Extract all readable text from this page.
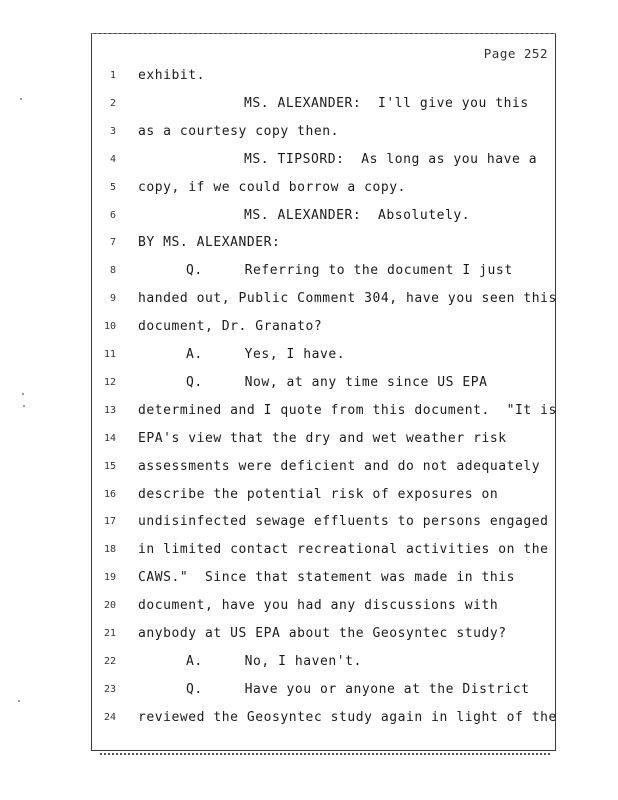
Page 252
1 exhibit.
2	MS. ALEXANDER:  I'll give you this
3 as a courtesy copy then.
4	MS. TIPSORD:  As long as you have a
5 copy, if we could borrow a copy.
6	MS. ALEXANDER:  Absolutely.
7 BY MS. ALEXANDER:
8	Q.     Referring to the document I just
9 handed out, Public Comment 304, have you seen this
10 document, Dr. Granato?
11	A.     Yes, I have.
12	Q.     Now, at any time since US EPA
13 determined and I quote from this document.  "It is
14 EPA's view that the dry and wet weather risk
15 assessments were deficient and do not adequately
16 describe the potential risk of exposures on
17 undisinfected sewage effluents to persons engaged
18 in limited contact recreational activities on the
19 CAWS."  Since that statement was made in this
20 document, have you had any discussions with
21 anybody at US EPA about the Geosyntec study?
22	A.     No, I haven't.
23	Q.     Have you or anyone at the District
24 reviewed the Geosyntec study again in light of the
